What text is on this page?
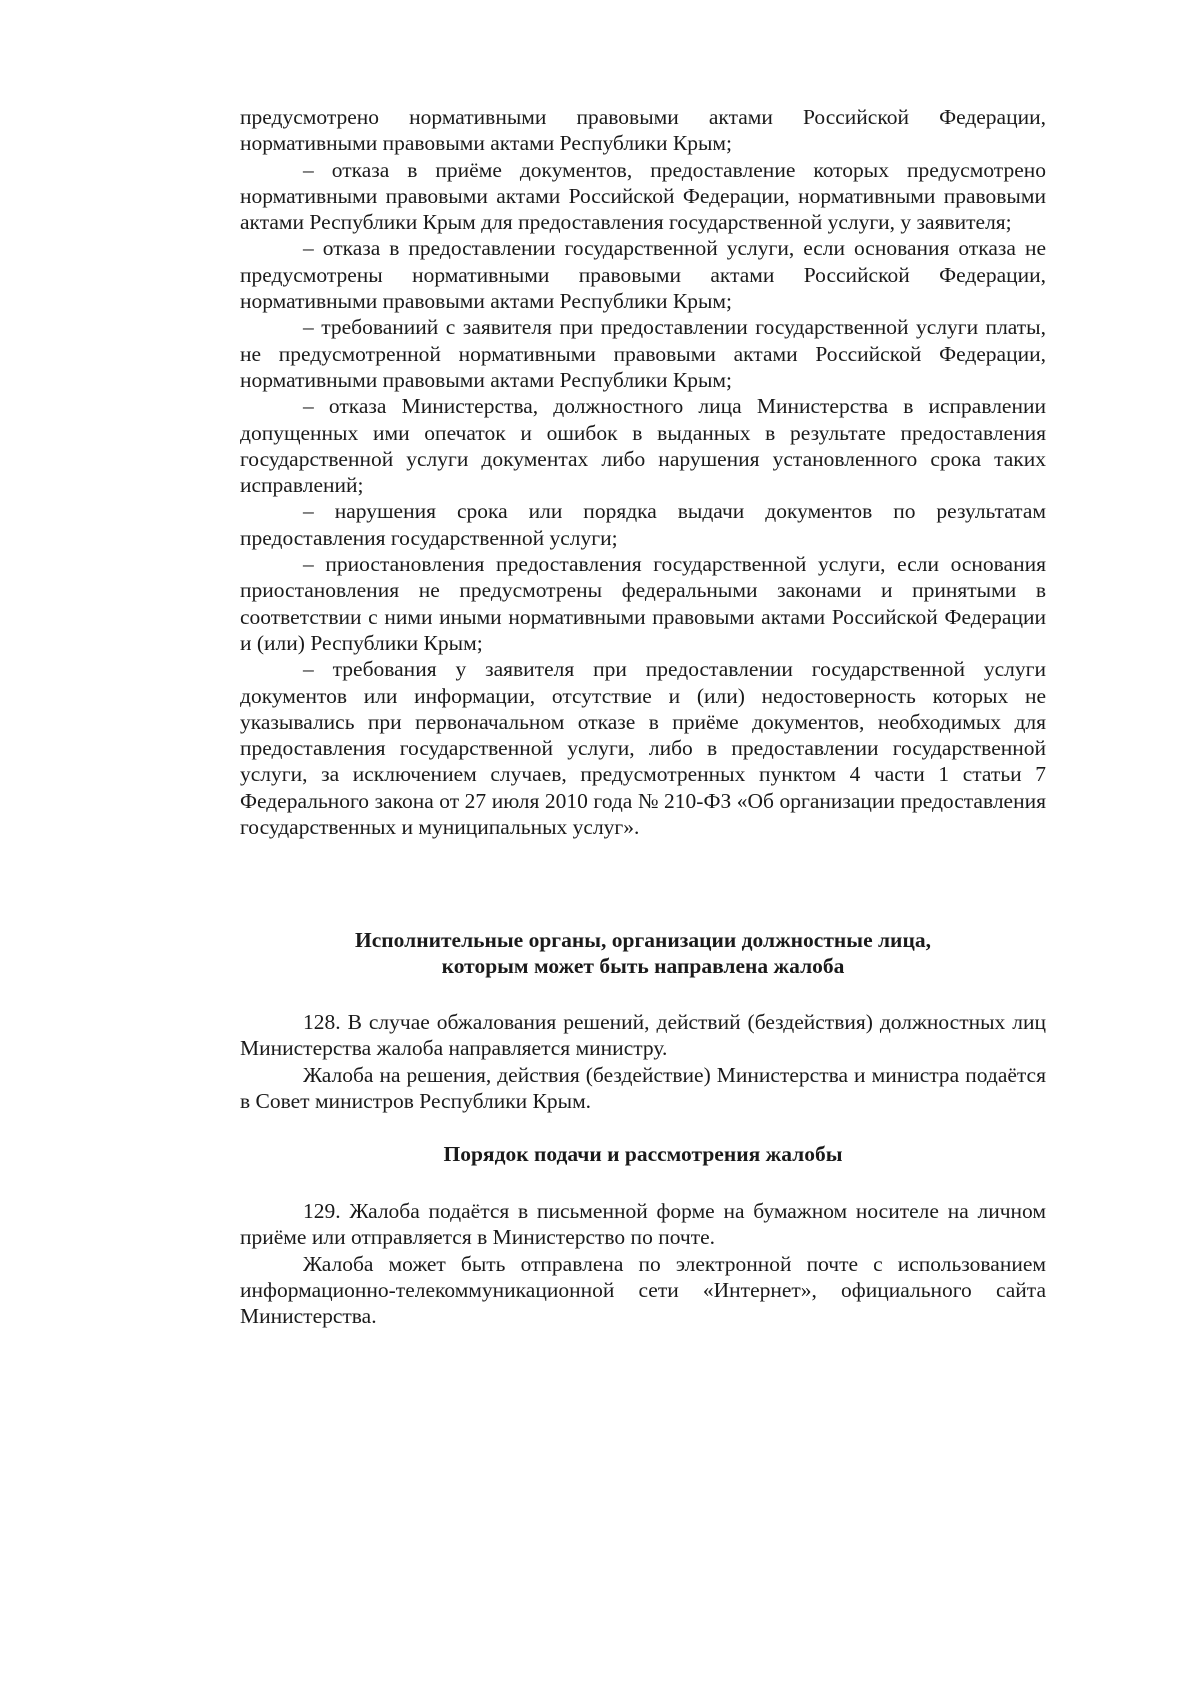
предусмотрено нормативными правовыми актами Российской Федерации, нормативными правовыми актами Республики Крым;

– отказа в приёме документов, предоставление которых предусмотрено нормативными правовыми актами Российской Федерации, нормативными правовыми актами Республики Крым для предоставления государственной услуги, у заявителя;

– отказа в предоставлении государственной услуги, если основания отказа не предусмотрены нормативными правовыми актами Российской Федерации, нормативными правовыми актами Республики Крым;

– требованиий с заявителя при предоставлении государственной услуги платы, не предусмотренной нормативными правовыми актами Российской Федерации, нормативными правовыми актами Республики Крым;

– отказа Министерства, должностного лица Министерства в исправлении допущенных ими опечаток и ошибок в выданных в результате предоставления государственной услуги документах либо нарушения установленного срока таких исправлений;

– нарушения срока или порядка выдачи документов по результатам предоставления государственной услуги;

– приостановления предоставления государственной услуги, если основания приостановления не предусмотрены федеральными законами и принятыми в соответствии с ними иными нормативными правовыми актами Российской Федерации и (или) Республики Крым;

– требования у заявителя при предоставлении государственной услуги документов или информации, отсутствие и (или) недостоверность которых не указывались при первоначальном отказе в приёме документов, необходимых для предоставления государственной услуги, либо в предоставлении государственной услуги, за исключением случаев, предусмотренных пунктом 4 части 1 статьи 7 Федерального закона от 27 июля 2010 года № 210-ФЗ «Об организации предоставления государственных и муниципальных услуг».

Исполнительные органы, организации должностные лица,

которым может быть направлена жалоба

128. В случае обжалования решений, действий (бездействия) должностных лиц Министерства жалоба направляется министру.

Жалоба на решения, действия (бездействие) Министерства и министра подаётся в Совет министров Республики Крым.

Порядок подачи и рассмотрения жалобы

129. Жалоба подаётся в письменной форме на бумажном носителе на личном приёме или отправляется в Министерство по почте.

Жалоба может быть отправлена по электронной почте с использованием информационно-телекоммуникационной сети «Интернет», официального сайта Министерства.
